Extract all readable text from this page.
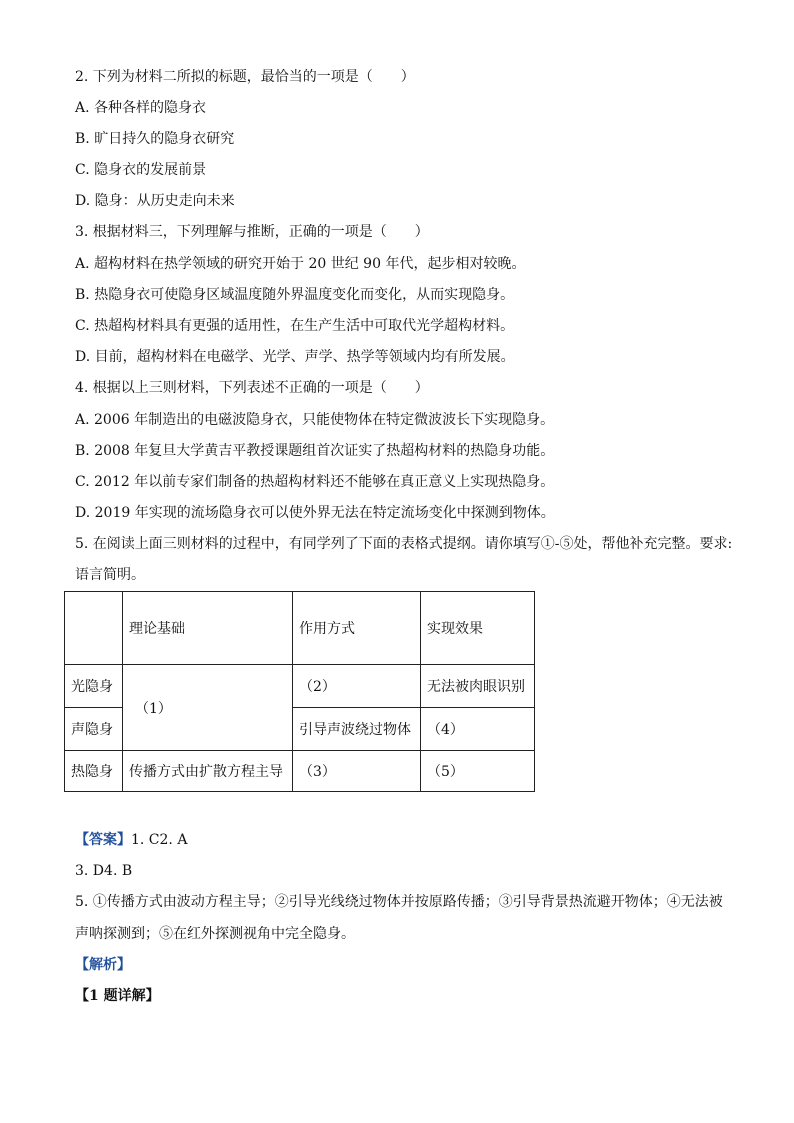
2. 下列为材料二所拟的标题，最恰当的一项是（　　）
A. 各种各样的隐身衣
B. 旷日持久的隐身衣研究
C. 隐身衣的发展前景
D. 隐身：从历史走向未来
3. 根据材料三，下列理解与推断，正确的一项是（　　）
A. 超构材料在热学领域的研究开始于 20 世纪 90 年代，起步相对较晚。
B. 热隐身衣可使隐身区域温度随外界温度变化而变化，从而实现隐身。
C. 热超构材料具有更强的适用性，在生产生活中可取代光学超构材料。
D. 目前，超构材料在电磁学、光学、声学、热学等领域内均有所发展。
4. 根据以上三则材料，下列表述不正确的一项是（　　）
A. 2006 年制造出的电磁波隐身衣，只能使物体在特定微波波长下实现隐身。
B. 2008 年复旦大学黄吉平教授课题组首次证实了热超构材料的热隐身功能。
C. 2012 年以前专家们制备的热超构材料还不能够在真正意义上实现热隐身。
D. 2019 年实现的流场隐身衣可以使外界无法在特定流场变化中探测到物体。
5. 在阅读上面三则材料的过程中，有同学列了下面的表格式提纲。请你填写①-⑤处，帮他补充完整。要求:
语言简明。
	理论基础	作用方式	实现效果
光隐身	（1）	（2）	无法被肉眼识别
声隐身		引导声波绕过物体	（4）
热隐身	传播方式由扩散方程主导	（3）	（5）
【答案】1. C2. A
3. D4. B
5. ①传播方式由波动方程主导；②引导光线绕过物体并按原路传播；③引导背景热流避开物体；④无法被
声呐探测到；⑤在红外探测视角中完全隐身。
【解析】
【1 题详解】
